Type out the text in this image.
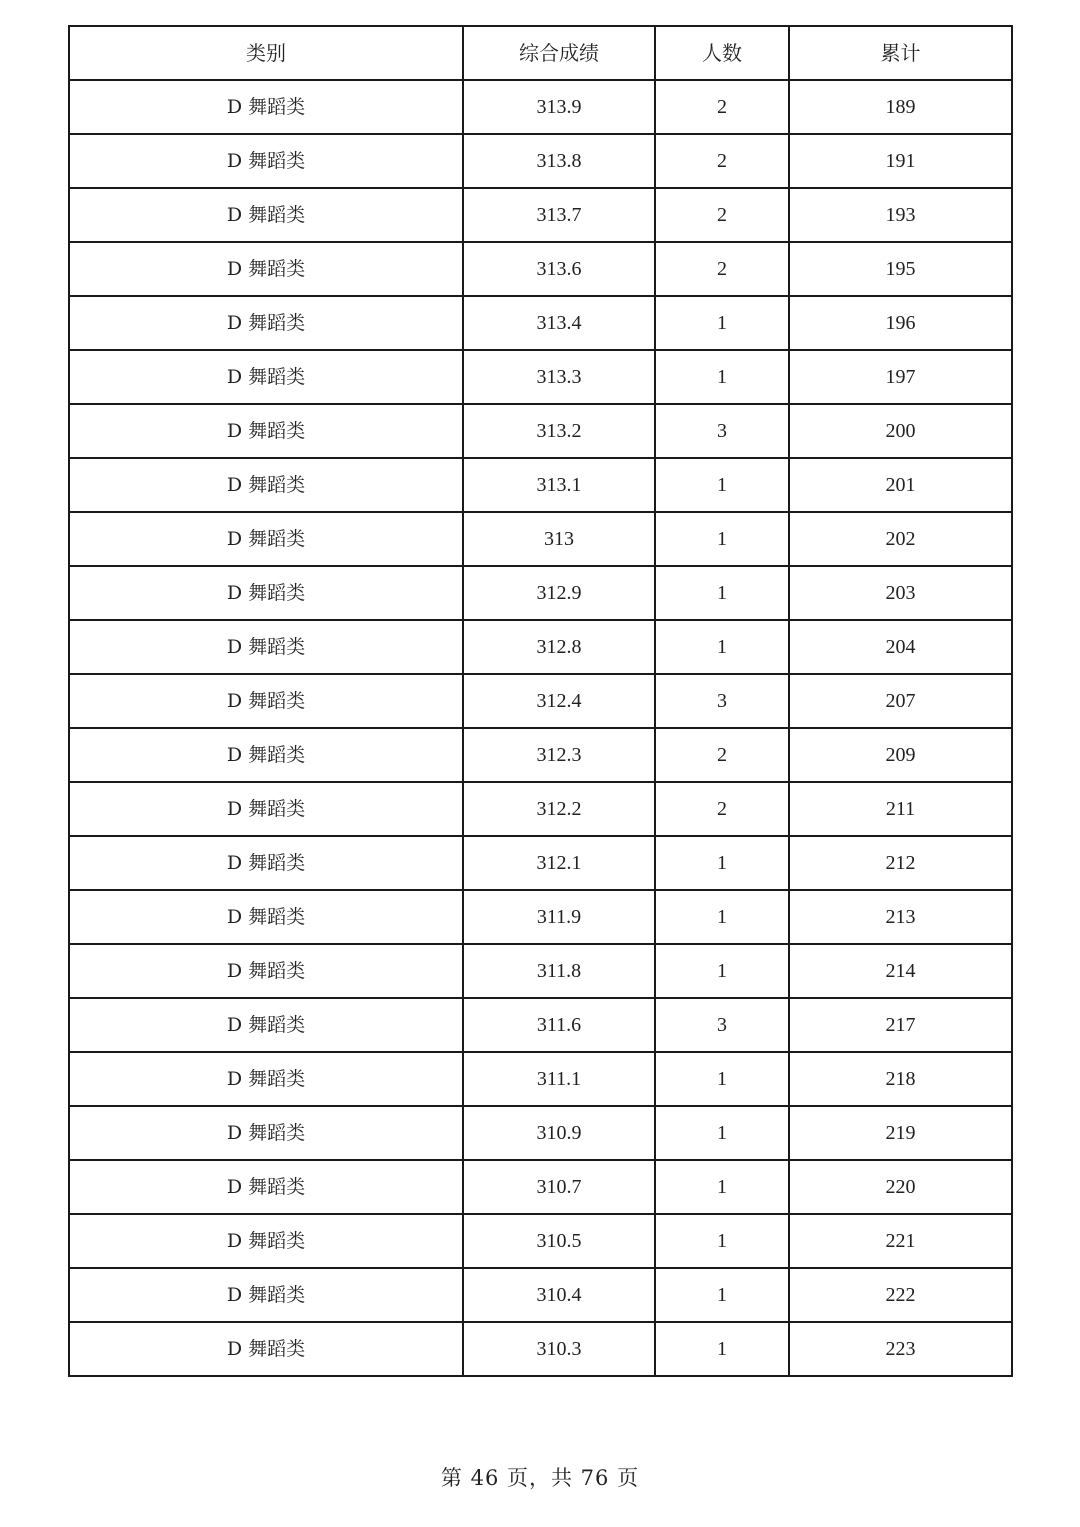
类别	综合成绩	人数	累计
D 舞蹈类	313.9	2	189
D 舞蹈类	313.8	2	191
D 舞蹈类	313.7	2	193
D 舞蹈类	313.6	2	195
D 舞蹈类	313.4	1	196
D 舞蹈类	313.3	1	197
D 舞蹈类	313.2	3	200
D 舞蹈类	313.1	1	201
D 舞蹈类	313	1	202
D 舞蹈类	312.9	1	203
D 舞蹈类	312.8	1	204
D 舞蹈类	312.4	3	207
D 舞蹈类	312.3	2	209
D 舞蹈类	312.2	2	211
D 舞蹈类	312.1	1	212
D 舞蹈类	311.9	1	213
D 舞蹈类	311.8	1	214
D 舞蹈类	311.6	3	217
D 舞蹈类	311.1	1	218
D 舞蹈类	310.9	1	219
D 舞蹈类	310.7	1	220
D 舞蹈类	310.5	1	221
D 舞蹈类	310.4	1	222
D 舞蹈类	310.3	1	223
第 46 页，共 76 页
